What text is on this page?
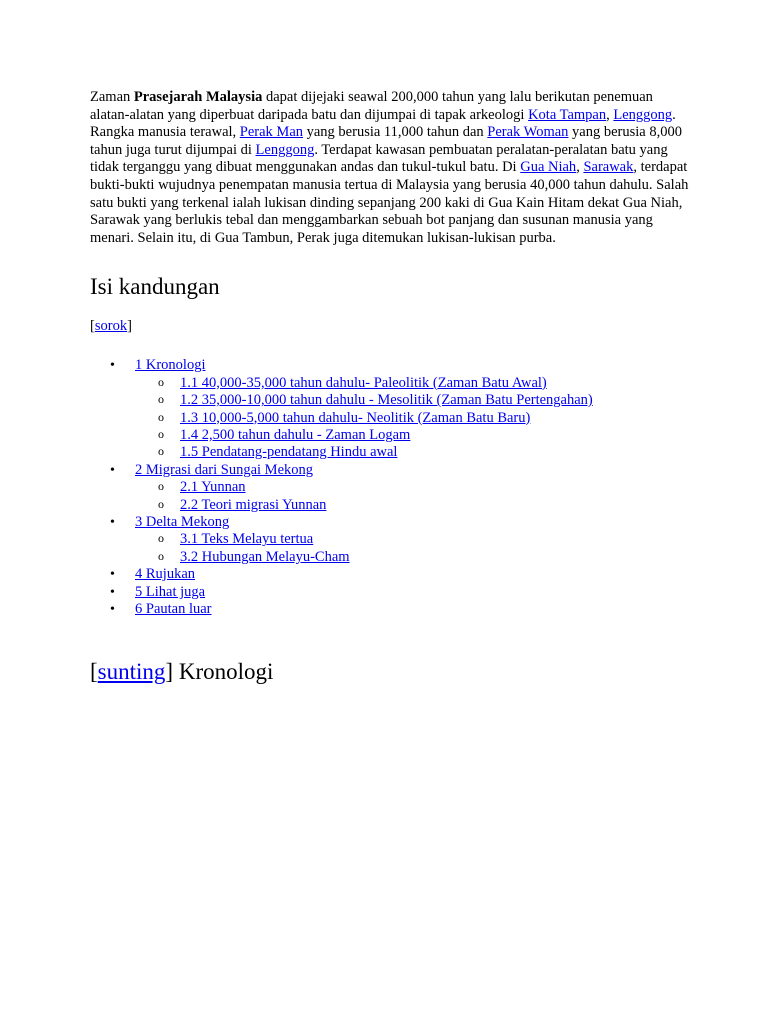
Zaman Prasejarah Malaysia dapat dijejaki seawal 200,000 tahun yang lalu berikutan penemuan alatan-alatan yang diperbuat daripada batu dan dijumpai di tapak arkeologi Kota Tampan, Lenggong. Rangka manusia terawal, Perak Man yang berusia 11,000 tahun dan Perak Woman yang berusia 8,000 tahun juga turut dijumpai di Lenggong. Terdapat kawasan pembuatan peralatan-peralatan batu yang tidak terganggu yang dibuat menggunakan andas dan tukul-tukul batu. Di Gua Niah, Sarawak, terdapat bukti-bukti wujudnya penempatan manusia tertua di Malaysia yang berusia 40,000 tahun dahulu. Salah satu bukti yang terkenal ialah lukisan dinding sepanjang 200 kaki di Gua Kain Hitam dekat Gua Niah, Sarawak yang berlukis tebal dan menggambarkan sebuah bot panjang dan susunan manusia yang menari. Selain itu, di Gua Tambun, Perak juga ditemukan lukisan-lukisan purba.

Isi kandungan
[sorok]
• 1 Kronologi
o 1.1 40,000-35,000 tahun dahulu- Paleolitik (Zaman Batu Awal)
o 1.2 35,000-10,000 tahun dahulu - Mesolitik (Zaman Batu Pertengahan)
o 1.3 10,000-5,000 tahun dahulu- Neolitik (Zaman Batu Baru)
o 1.4 2,500 tahun dahulu - Zaman Logam
o 1.5 Pendatang-pendatang Hindu awal
• 2 Migrasi dari Sungai Mekong
o 2.1 Yunnan
o 2.2 Teori migrasi Yunnan
• 3 Delta Mekong
o 3.1 Teks Melayu tertua
o 3.2 Hubungan Melayu-Cham
• 4 Rujukan
• 5 Lihat juga
• 6 Pautan luar
[sunting] Kronologi
